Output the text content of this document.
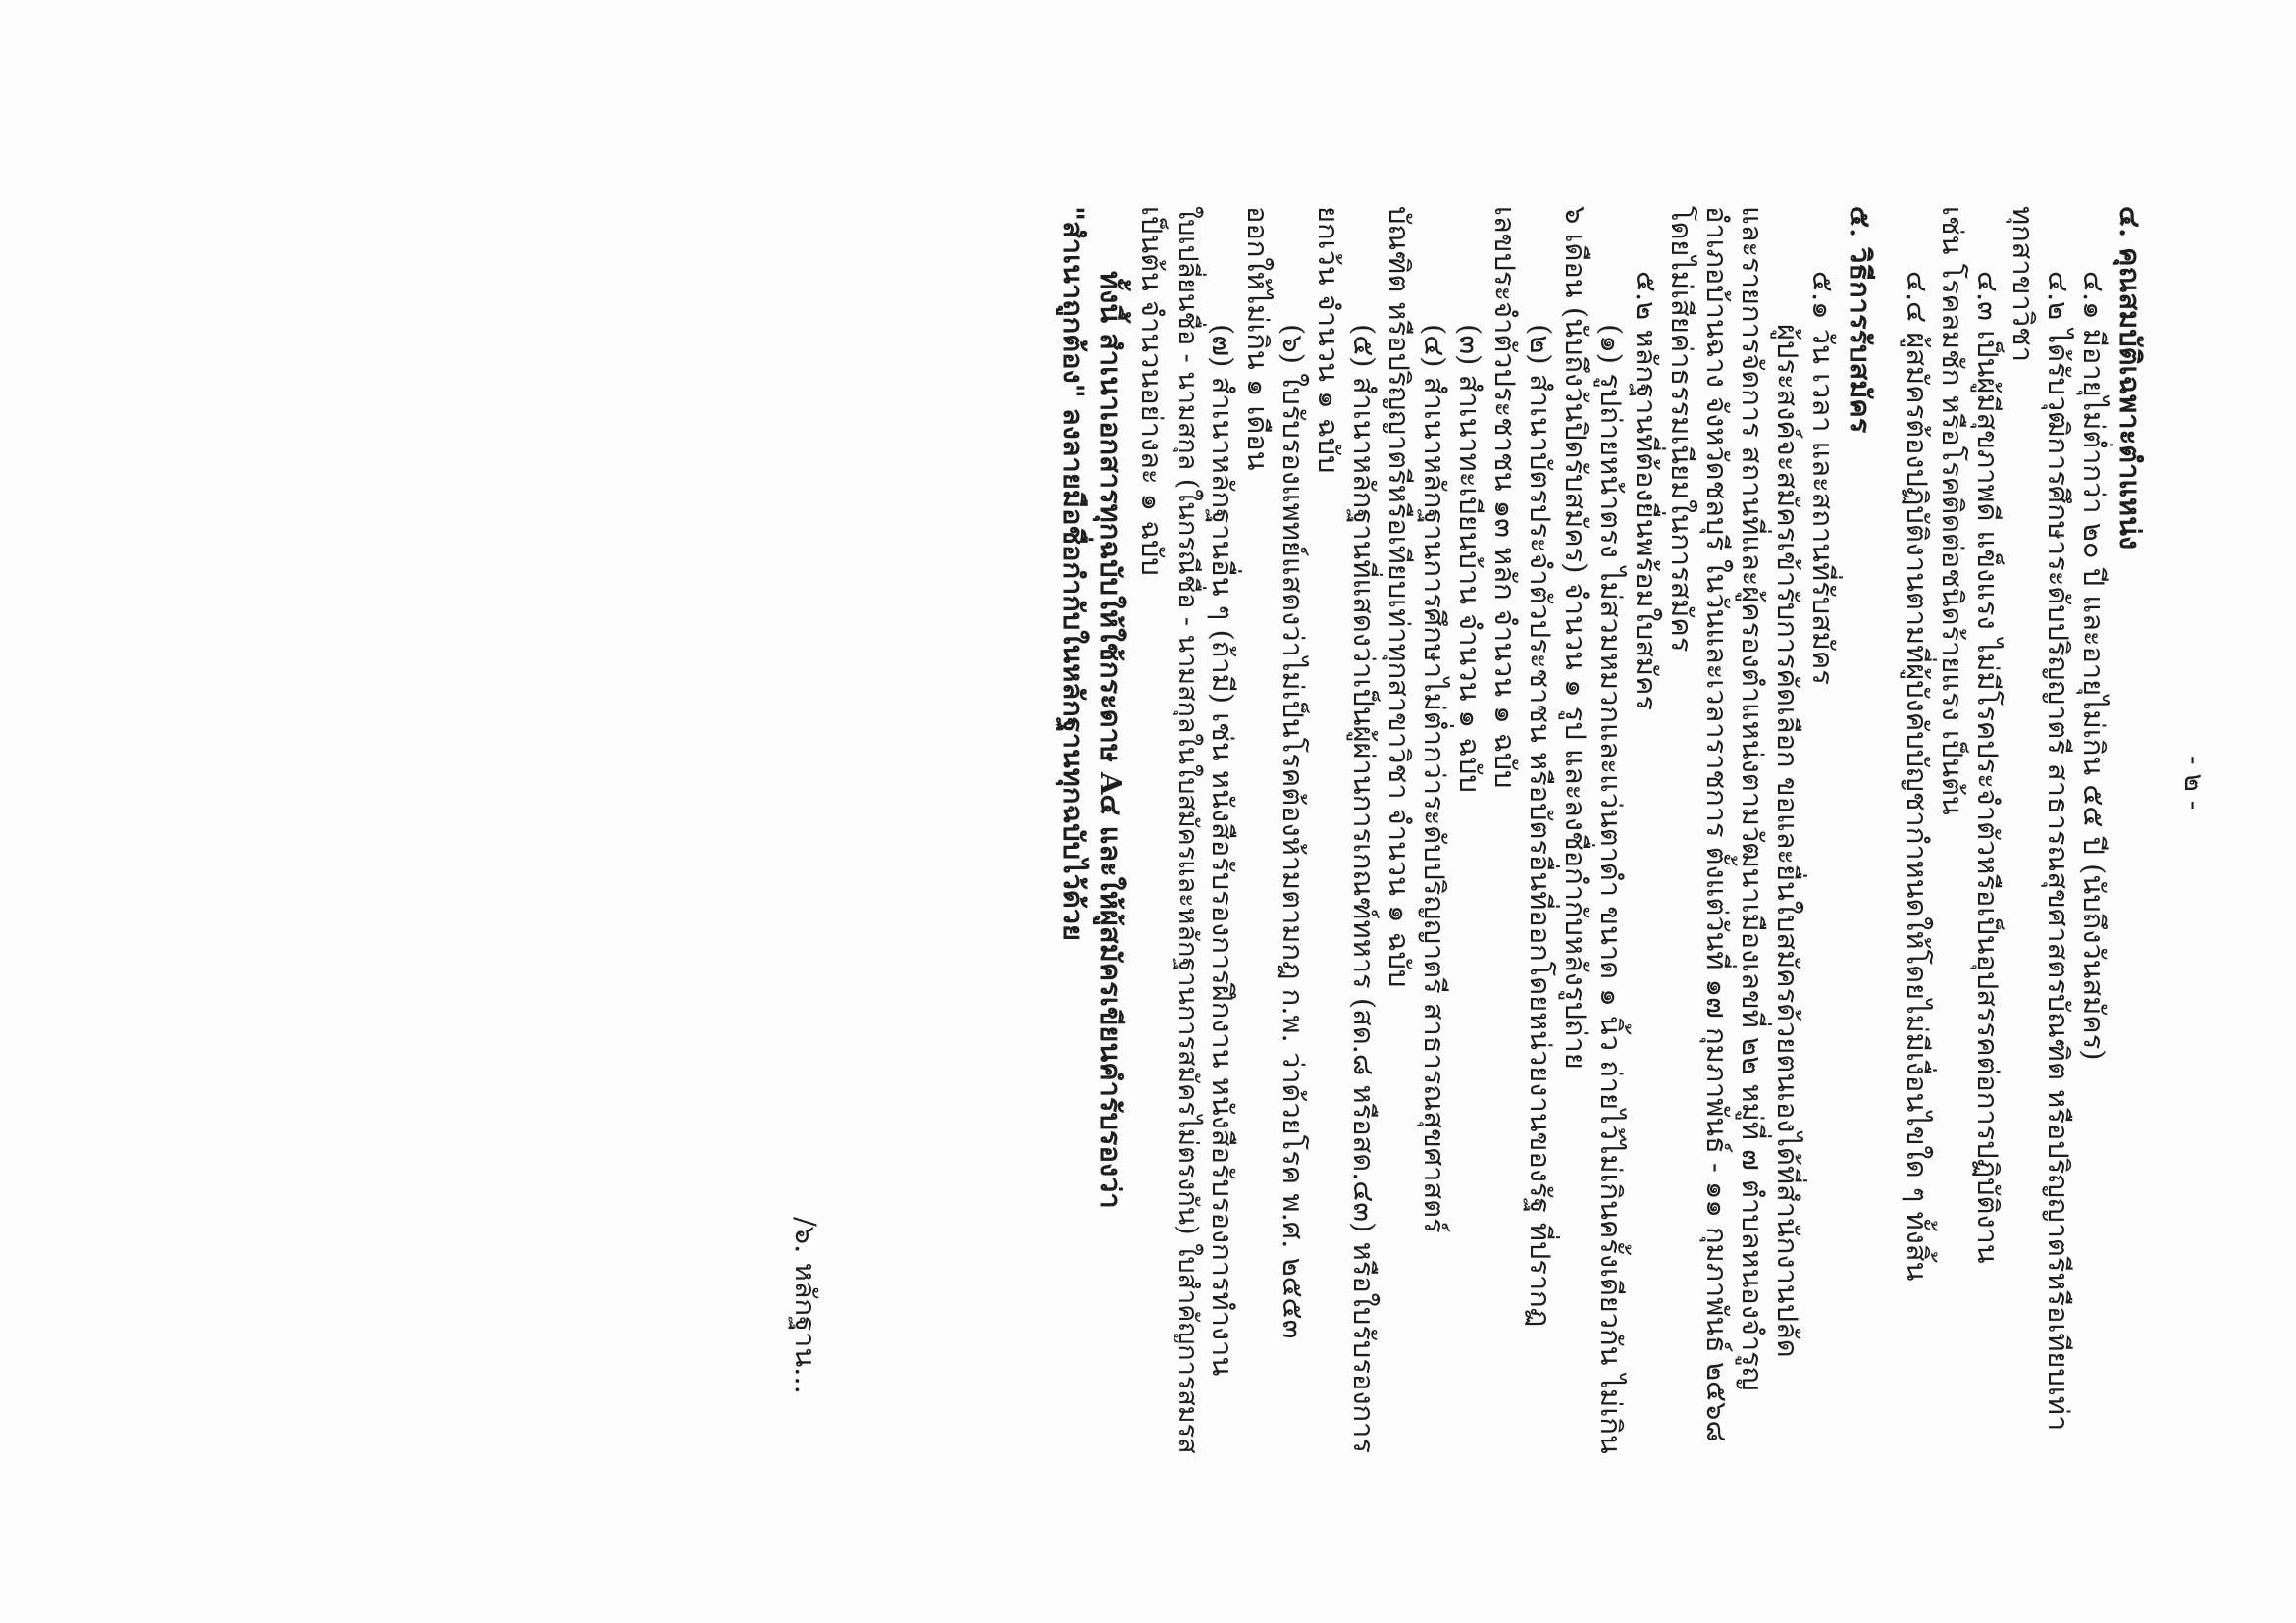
- ๒ -
๔. คุณสมบัติเฉพาะตำแหน่ง
๔.๑ มีอายุไม่ต่ำกว่า ๒๐ ปี และอายุไม่เกิน ๕๕ ปี (นับถึงวันสมัคร)
๔.๒ ได้รับวุฒิการศึกษาระดับปริญญาตรี สาธารณสุขศาสตรบัณฑิต หรือปริญญาตรีหรือเทียบเท่า
ทุกสาขาวิชา
๔.๓ เป็นผู้มีสุขภาพดี แข็งแรง ไม่มีโรคประจำตัวหรือเป็นอุปสรรคต่อการปฏิบัติงาน
เช่น โรคลมชัก หรือโรคติดต่อชนิดร้ายแรง เป็นต้น
๔.๔ ผู้สมัครต้องปฏิบัติงานตามที่ผู้บังคับบัญชากำหนดให้โดยไม่มีเงื่อนไขใด ๆ ทั้งสิ้น
๕. วิธีการรับสมัคร
๕.๑ วัน เวลา และสถานที่รับสมัคร
ผู้ประสงค์จะสมัครเข้ารับการคัดเลือก ขอและยื่นใบสมัครด้วยตนเองได้ที่สำนักงานปลัด
และรายการจัดการ สถานที่และผู้ครองตำแหน่งตามวัฒนาเมืองเลขที่ ๒๒ หมู่ที่ ๗ ตำบลหนองจำรูญ
อำเภอบ้านฉาง จังหวัดชลบุรี ในวันและเวลาราชการ ตั้งแต่วันที่ ๑๗ กุมภาพันธ์ - ๑๑ กุมภาพันธ์ ๒๕๖๘
โดยไม่เสียค่าธรรมเนียมในการสมัคร
๕.๒ หลักฐานที่ต้องยื่นพร้อมใบสมัคร
(๑) รูปถ่ายหน้าตรง ไม่สวมหมวกและแว่นตาดำ ขนาด ๑ นิ้ว ถ่ายไว้ไม่เกินครั้งเดียวกัน ไม่เกิน
๖ เดือน (นับถึงวันปิดรับสมัคร) จำนวน ๑ รูป และลงชื่อกำกับหลังรูปถ่าย
(๒) สำเนาบัตรประจำตัวประชาชน หรือบัตรอื่นที่ออกโดยหน่วยงานของรัฐ ที่ปรากฏ
เลขประจำตัวประชาชน ๑๓ หลัก จำนวน ๑ ฉบับ
(๓) สำเนาทะเบียนบ้าน จำนวน ๑ ฉบับ
(๔) สำเนาหลักฐานการศึกษาไม่ต่ำกว่าระดับปริญญาตรี สาธารณสุขศาสตร์
บัณฑิต หรือปริญญาตรีหรือเทียบเท่าทุกสาขาวิชา จำนวน ๑ ฉบับ
(๕) สำเนาหลักฐานที่แสดงว่าเป็นผู้ผ่านการเกณฑ์ทหาร (สด.๘ หรือสด.๔๓) หรือใบรับรองการ
ยกเว้น จำนวน ๑ ฉบับ
(๖) ใบรับรองแพทย์แสดงว่าไม่เป็นโรคต้องห้ามตามกฎ ก.พ. ว่าด้วยโรค พ.ศ. ๒๕๕๓
ออกให้ไม่เกิน ๑ เดือน
(๗) สำเนาหลักฐานอื่น ๆ (ถ้ามี) เช่น หนังสือรับรองการฝึกงาน หนังสือรับรองการทำงาน
ใบเปลี่ยนชื่อ - นามสกุล (ในกรณีชื่อ - นามสกุลในใบสมัครและหลักฐานการสมัครไม่ตรงกัน) ใบสำคัญการสมรส
เป็นต้น จำนวนอย่างละ ๑ ฉบับ
ทั้งนี้ สำเนาเอกสารทุกฉบับให้ใช้กระดาษ A๔ และให้ผู้สมัครเขียนคำรับรองว่า
"สำเนาถูกต้อง" ลงลายมือชื่อกำกับในหลักฐานทุกฉบับไว้ด้วย
/๖. หลักฐาน...
